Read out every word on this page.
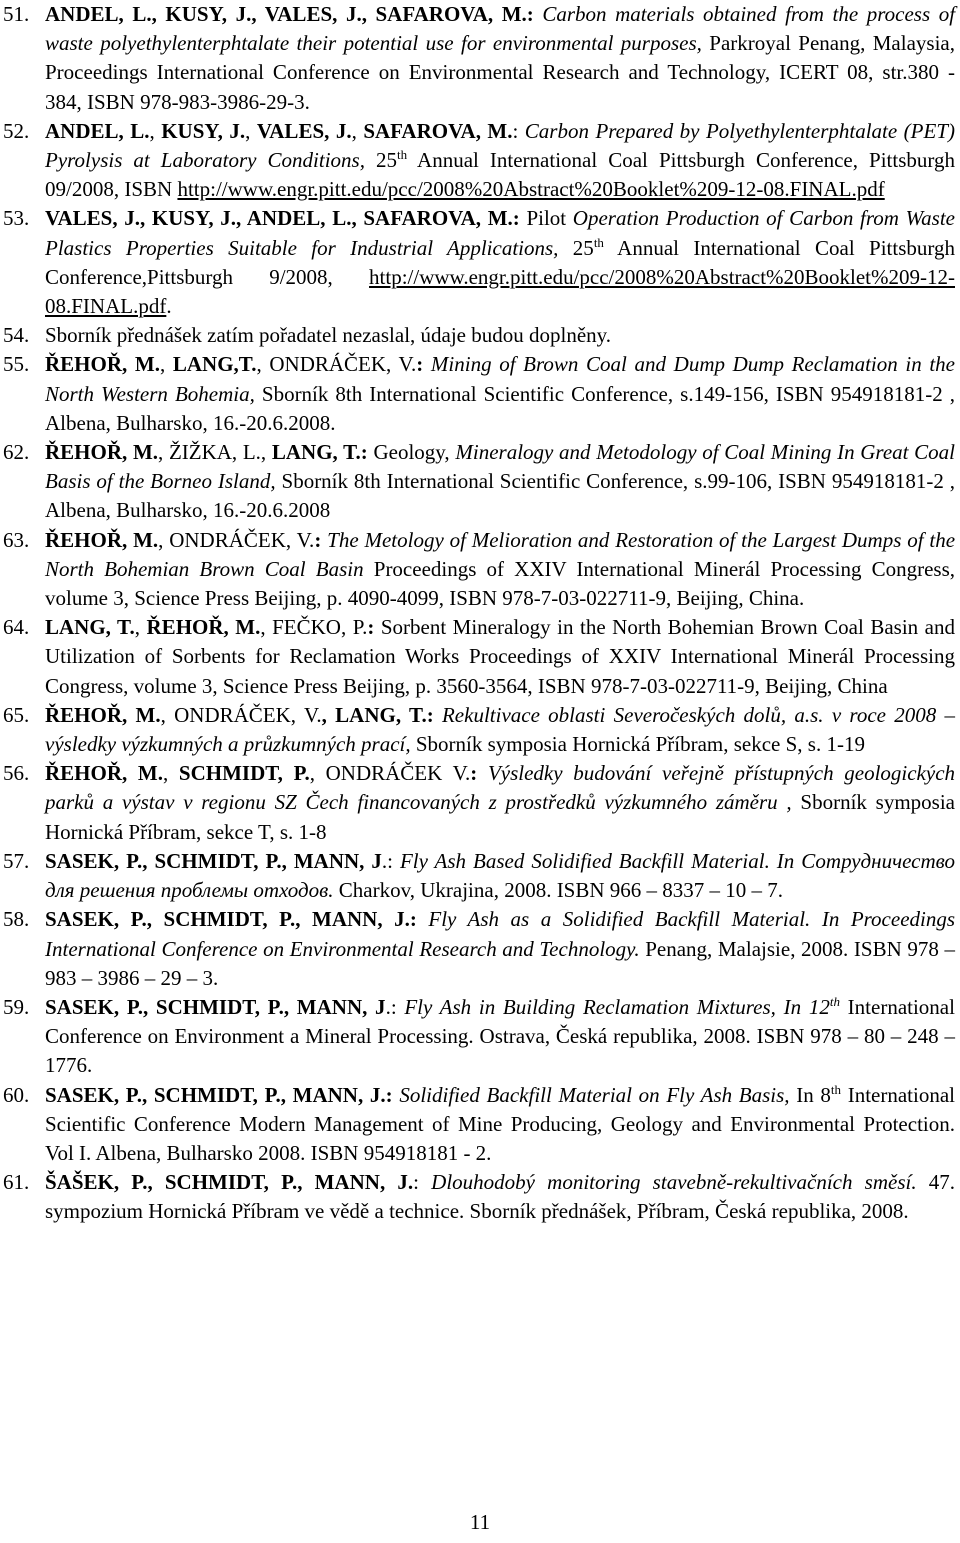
51. ANDEL, L., KUSY, J., VALES, J., SAFAROVA, M.: Carbon materials obtained from the process of waste polyethylenterphtalate their potential use for environmental purposes, Parkroyal Penang, Malaysia, Proceedings International Conference on Environmental Research and Technology, ICERT 08, str.380 - 384, ISBN 978-983-3986-29-3.
52. ANDEL, L., KUSY, J., VALES, J., SAFAROVA, M.: Carbon Prepared by Polyethylenterphtalate (PET) Pyrolysis at Laboratory Conditions, 25th Annual International Coal Pittsburgh Conference, Pittsburgh 09/2008, ISBN http://www.engr.pitt.edu/pcc/2008%20Abstract%20Booklet%209-12-08.FINAL.pdf
53. VALES, J., KUSY, J., ANDEL, L., SAFAROVA, M.: Pilot Operation Production of Carbon from Waste Plastics Properties Suitable for Industrial Applications, 25th Annual International Coal Pittsburgh Conference,Pittsburgh 9/2008, http://www.engr.pitt.edu/pcc/2008%20Abstract%20Booklet%209-12-08.FINAL.pdf.
54. Sborník přednášek zatím pořadatel nezaslal, údaje budou doplněny.
55. ŘEHOŘ, M., LANG,T., ONDRÁČEK, V.: Mining of Brown Coal and Dump Dump Reclamation in the North Western Bohemia, Sborník 8th International Scientific Conference, s.149-156, ISBN 954918181-2 , Albena, Bulharsko, 16.-20.6.2008.
62. ŘEHOŘ, M., ŽIŽKA, L., LANG, T.: Geology, Mineralogy and Metodology of Coal Mining In Great Coal Basis of the Borneo Island, Sborník 8th International Scientific Conference, s.99-106, ISBN 954918181-2 , Albena, Bulharsko, 16.-20.6.2008
63. ŘEHOŘ, M., ONDRÁČEK, V.: The Metology of Melioration and Restoration of the Largest Dumps of the North Bohemian Brown Coal Basin Proceedings of XXIV International Minerál Processing Congress, volume 3, Science Press Beijing, p. 4090-4099, ISBN 978-7-03-022711-9, Beijing, China.
64. LANG, T., ŘEHOŘ, M., FEČKO, P.: Sorbent Mineralogy in the North Bohemian Brown Coal Basin and Utilization of Sorbents for Reclamation Works Proceedings of XXIV International Minerál Processing Congress, volume 3, Science Press Beijing, p. 3560-3564, ISBN 978-7-03-022711-9, Beijing, China
65. ŘEHOŘ, M., ONDRÁČEK, V., LANG, T.: Rekultivace oblasti Severočeských dolů, a.s. v roce 2008 – výsledky výzkumných a průzkumných prací, Sborník symposia Hornická Příbram, sekce S, s. 1-19
56. ŘEHOŘ, M., SCHMIDT, P., ONDRÁČEK V.: Výsledky budování veřejně přístupných geologických parků a výstav v regionu SZ Čech financovaných z prostředků výzkumného záměru , Sborník symposia Hornická Příbram, sekce T, s. 1-8
57. SASEK, P., SCHMIDT, P., MANN, J.: Fly Ash Based Solidified Backfill Material. In Сотрудничество для решения проблемы отходов. Charkov, Ukrajina, 2008. ISBN 966 – 8337 – 10 – 7.
58. SASEK, P., SCHMIDT, P., MANN, J.: Fly Ash as a Solidified Backfill Material. In Proceedings International Conference on Environmental Research and Technology. Penang, Malajsie, 2008. ISBN 978 – 983 – 3986 – 29 – 3.
59. SASEK, P., SCHMIDT, P., MANN, J.: Fly Ash in Building Reclamation Mixtures, In 12th International Conference on Environment a Mineral Processing. Ostrava, Česká republika, 2008. ISBN 978 – 80 – 248 – 1776.
60. SASEK, P., SCHMIDT, P., MANN, J.: Solidified Backfill Material on Fly Ash Basis, In 8th International Scientific Conference Modern Management of Mine Producing, Geology and Environmental Protection. Vol I. Albena, Bulharsko 2008. ISBN 954918181 - 2.
61. ŠAŠEK, P., SCHMIDT, P., MANN, J.: Dlouhodobý monitoring stavebně-rekultivačních směsí. 47. sympozium Hornická Příbram ve vědě a technice. Sborník přednášek, Příbram, Česká republika, 2008.
11
